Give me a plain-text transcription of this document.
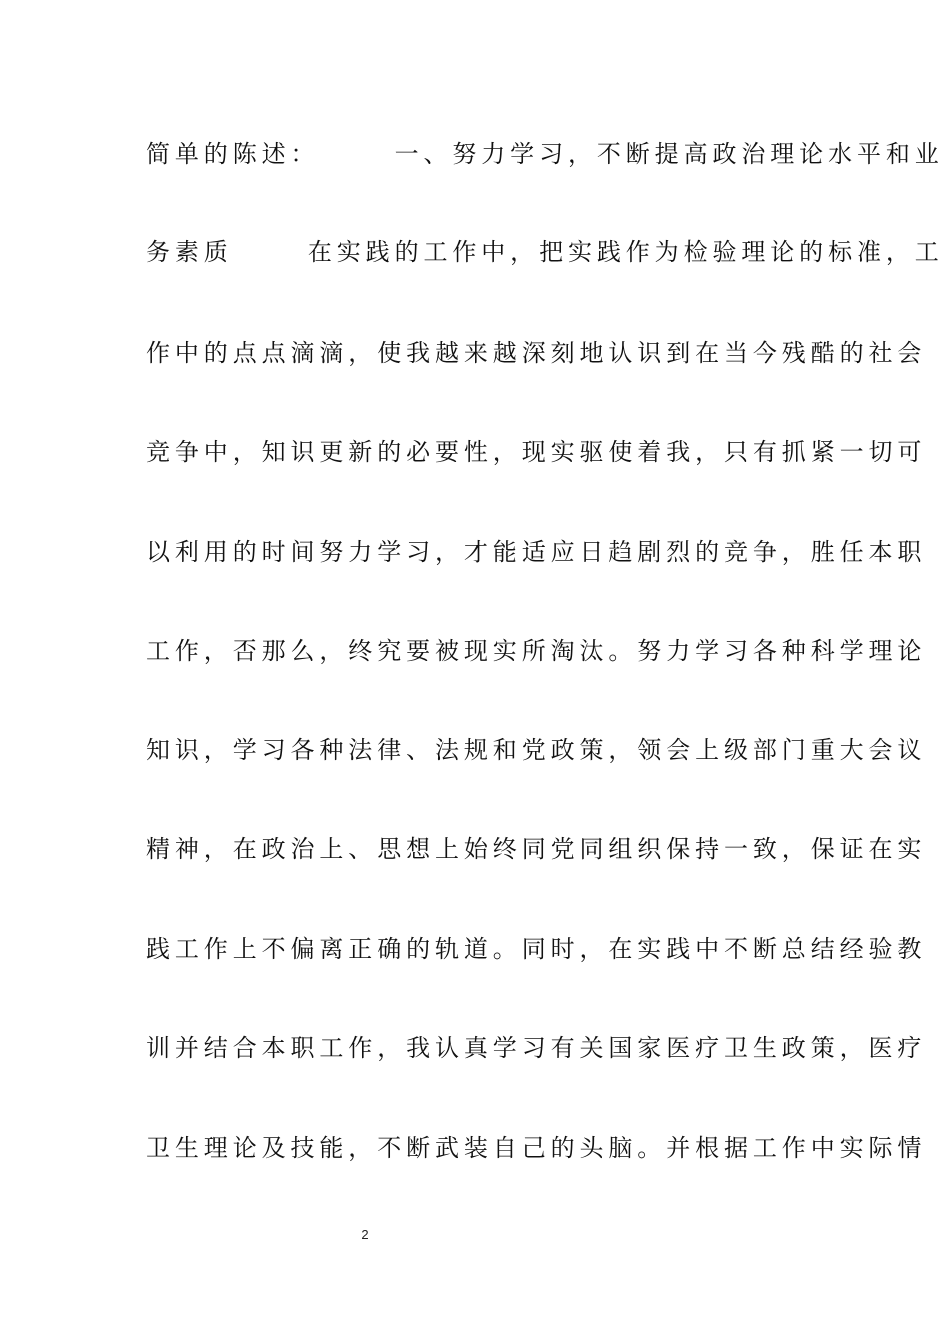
简单的陈述：      一、努力学习，不断提高政治理论水平和业
务素质      在实践的工作中，把实践作为检验理论的标准，工
作中的点点滴滴，使我越来越深刻地认识到在当今残酷的社会
竞争中，知识更新的必要性，现实驱使着我，只有抓紧一切可
以利用的时间努力学习，才能适应日趋剧烈的竞争，胜任本职
工作，否那么，终究要被现实所淘汰。努力学习各种科学理论
知识，学习各种法律、法规和党政策，领会上级部门重大会议
精神，在政治上、思想上始终同党同组织保持一致，保证在实
践工作上不偏离正确的轨道。同时，在实践中不断总结经验教
训并结合本职工作，我认真学习有关国家医疗卫生政策，医疗
卫生理论及技能，不断武装自己的头脑。并根据工作中实际情
2
